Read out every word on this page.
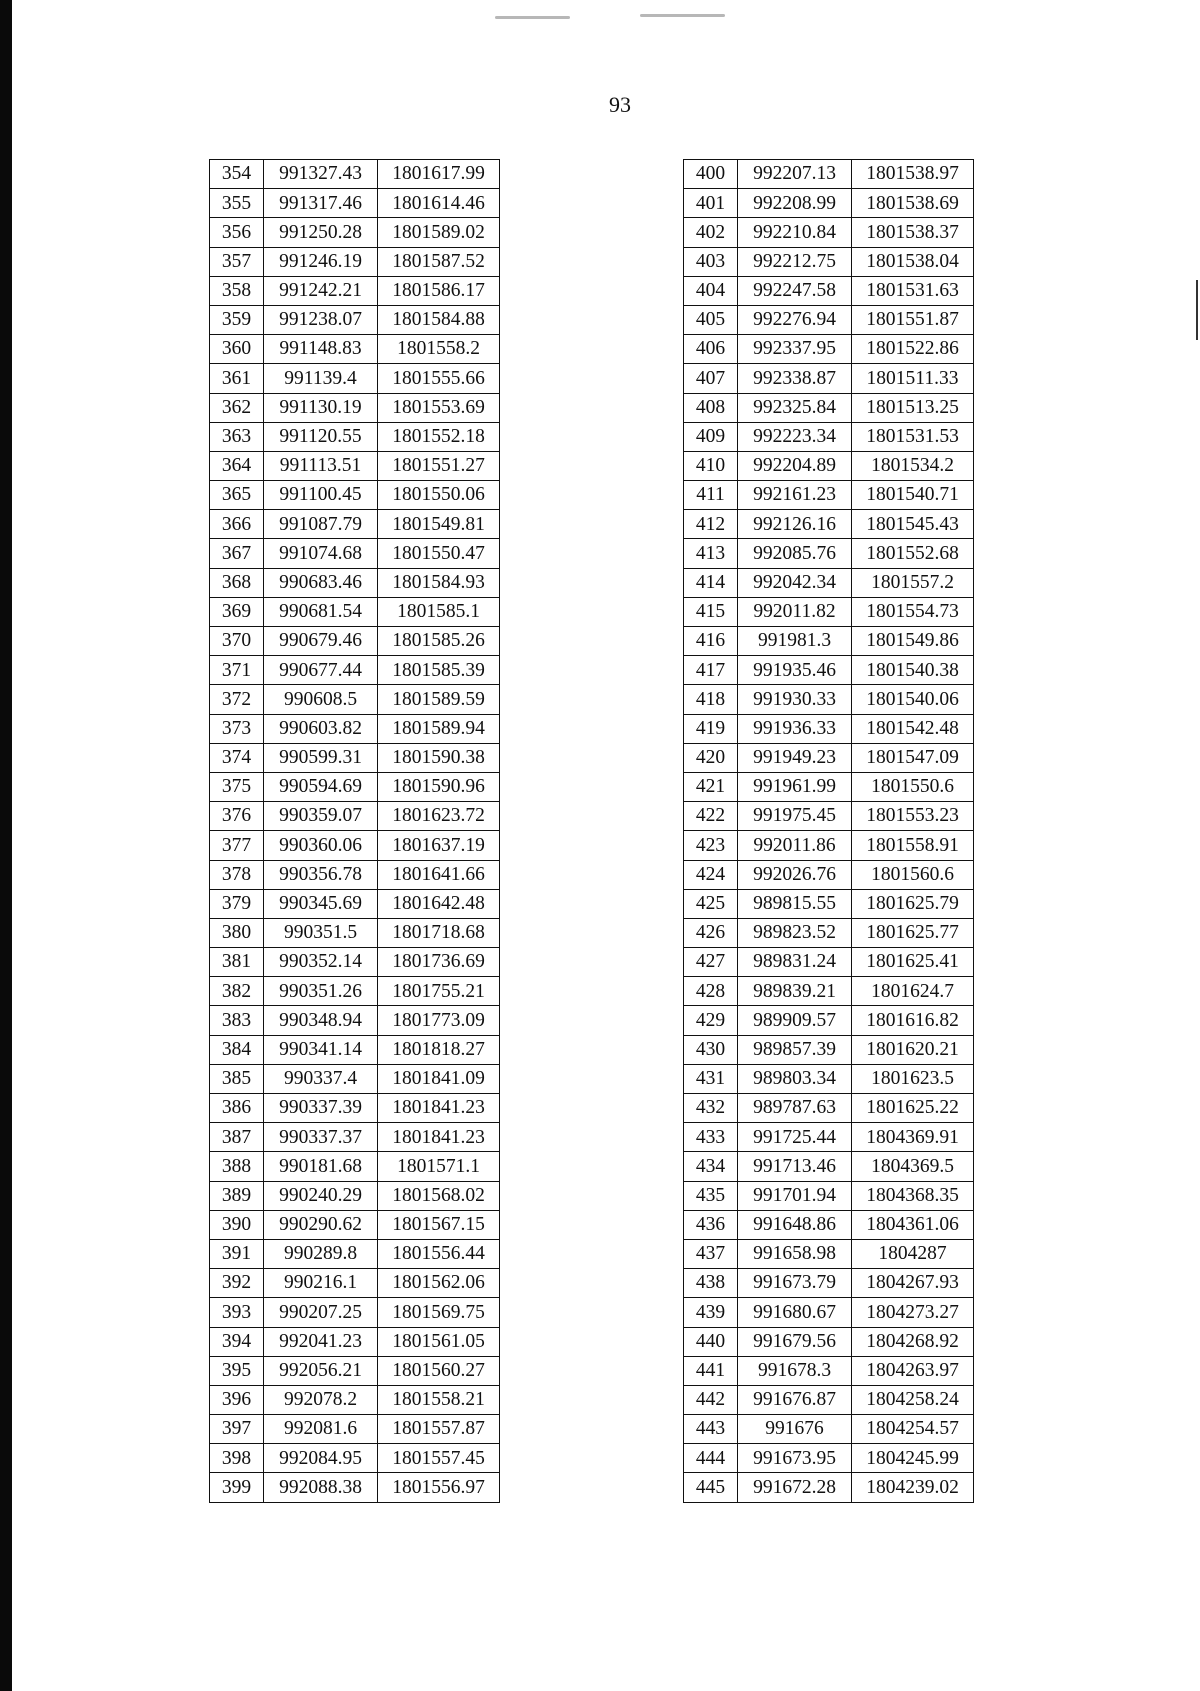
93
354	991327.43	1801617.99
355	991317.46	1801614.46
356	991250.28	1801589.02
357	991246.19	1801587.52
358	991242.21	1801586.17
359	991238.07	1801584.88
360	991148.83	1801558.2
361	991139.4	1801555.66
362	991130.19	1801553.69
363	991120.55	1801552.18
364	991113.51	1801551.27
365	991100.45	1801550.06
366	991087.79	1801549.81
367	991074.68	1801550.47
368	990683.46	1801584.93
369	990681.54	1801585.1
370	990679.46	1801585.26
371	990677.44	1801585.39
372	990608.5	1801589.59
373	990603.82	1801589.94
374	990599.31	1801590.38
375	990594.69	1801590.96
376	990359.07	1801623.72
377	990360.06	1801637.19
378	990356.78	1801641.66
379	990345.69	1801642.48
380	990351.5	1801718.68
381	990352.14	1801736.69
382	990351.26	1801755.21
383	990348.94	1801773.09
384	990341.14	1801818.27
385	990337.4	1801841.09
386	990337.39	1801841.23
387	990337.37	1801841.23
388	990181.68	1801571.1
389	990240.29	1801568.02
390	990290.62	1801567.15
391	990289.8	1801556.44
392	990216.1	1801562.06
393	990207.25	1801569.75
394	992041.23	1801561.05
395	992056.21	1801560.27
396	992078.2	1801558.21
397	992081.6	1801557.87
398	992084.95	1801557.45
399	992088.38	1801556.97
400	992207.13	1801538.97
401	992208.99	1801538.69
402	992210.84	1801538.37
403	992212.75	1801538.04
404	992247.58	1801531.63
405	992276.94	1801551.87
406	992337.95	1801522.86
407	992338.87	1801511.33
408	992325.84	1801513.25
409	992223.34	1801531.53
410	992204.89	1801534.2
411	992161.23	1801540.71
412	992126.16	1801545.43
413	992085.76	1801552.68
414	992042.34	1801557.2
415	992011.82	1801554.73
416	991981.3	1801549.86
417	991935.46	1801540.38
418	991930.33	1801540.06
419	991936.33	1801542.48
420	991949.23	1801547.09
421	991961.99	1801550.6
422	991975.45	1801553.23
423	992011.86	1801558.91
424	992026.76	1801560.6
425	989815.55	1801625.79
426	989823.52	1801625.77
427	989831.24	1801625.41
428	989839.21	1801624.7
429	989909.57	1801616.82
430	989857.39	1801620.21
431	989803.34	1801623.5
432	989787.63	1801625.22
433	991725.44	1804369.91
434	991713.46	1804369.5
435	991701.94	1804368.35
436	991648.86	1804361.06
437	991658.98	1804287
438	991673.79	1804267.93
439	991680.67	1804273.27
440	991679.56	1804268.92
441	991678.3	1804263.97
442	991676.87	1804258.24
443	991676	1804254.57
444	991673.95	1804245.99
445	991672.28	1804239.02
